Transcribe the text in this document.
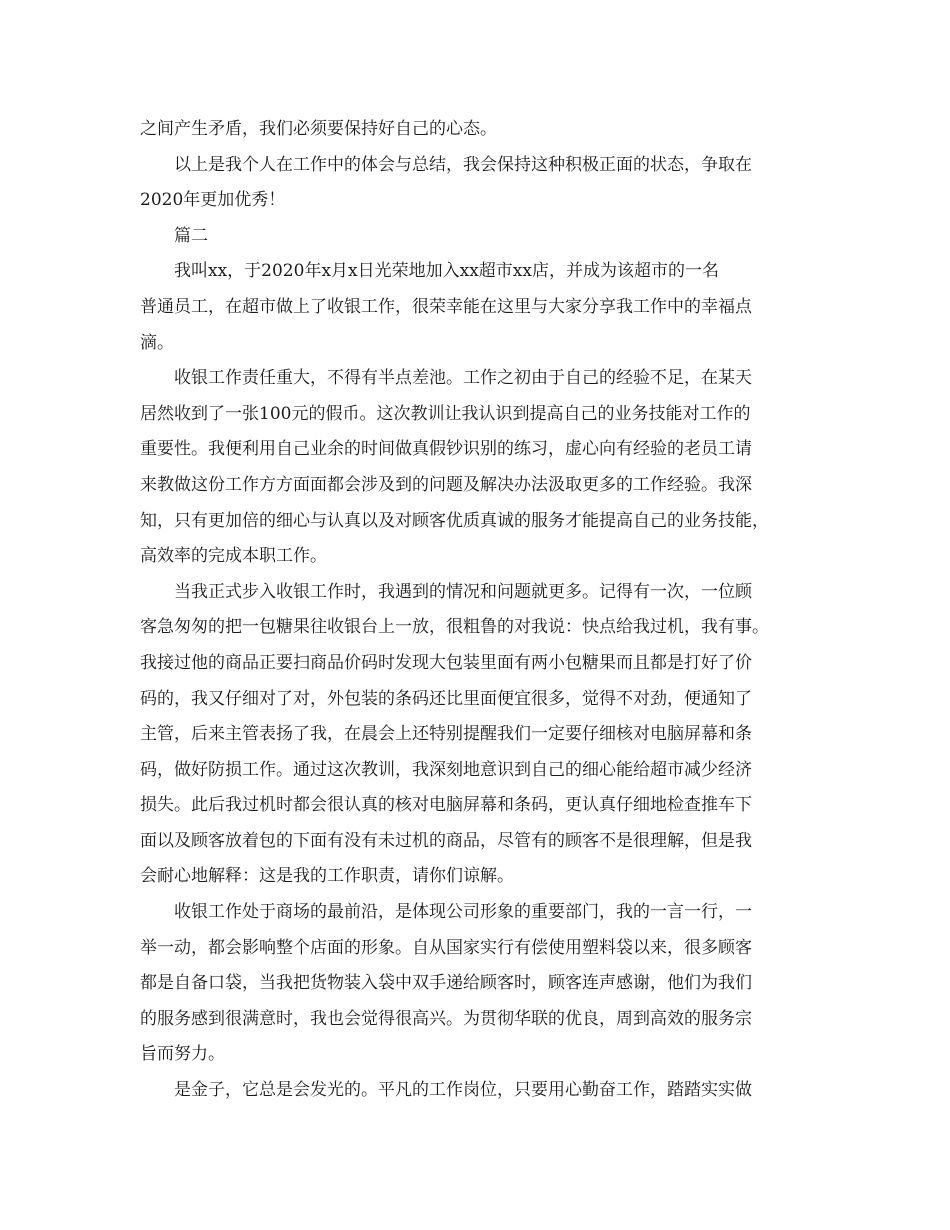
之间产生矛盾，我们必须要保持好自己的心态。
以上是我个人在工作中的体会与总结，我会保持这种积极正面的状态，争取在
2020年更加优秀！
篇二
我叫xx，于2020年x月x日光荣地加入xx超市xx店，并成为该超市的一名
普通员工，在超市做上了收银工作，很荣幸能在这里与大家分享我工作中的幸福点
滴。
收银工作责任重大，不得有半点差池。工作之初由于自己的经验不足，在某天
居然收到了一张100元的假币。这次教训让我认识到提高自己的业务技能对工作的
重要性。我便利用自己业余的时间做真假钞识别的练习，虚心向有经验的老员工请
来教做这份工作方方面面都会涉及到的问题及解决办法汲取更多的工作经验。我深
知，只有更加倍的细心与认真以及对顾客优质真诚的服务才能提高自己的业务技能，
高效率的完成本职工作。
当我正式步入收银工作时，我遇到的情况和问题就更多。记得有一次，一位顾
客急匆匆的把一包糖果往收银台上一放，很粗鲁的对我说：快点给我过机，我有事。
我接过他的商品正要扫商品价码时发现大包装里面有两小包糖果而且都是打好了价
码的，我又仔细对了对，外包装的条码还比里面便宜很多，觉得不对劲，便通知了
主管，后来主管表扬了我，在晨会上还特别提醒我们一定要仔细核对电脑屏幕和条
码，做好防损工作。通过这次教训，我深刻地意识到自己的细心能给超市减少经济
损失。此后我过机时都会很认真的核对电脑屏幕和条码，更认真仔细地检查推车下
面以及顾客放着包的下面有没有未过机的商品，尽管有的顾客不是很理解，但是我
会耐心地解释：这是我的工作职责，请你们谅解。
收银工作处于商场的最前沿，是体现公司形象的重要部门，我的一言一行，一
举一动，都会影响整个店面的形象。自从国家实行有偿使用塑料袋以来，很多顾客
都是自备口袋，当我把货物装入袋中双手递给顾客时，顾客连声感谢，他们为我们
的服务感到很满意时，我也会觉得很高兴。为贯彻华联的优良，周到高效的服务宗
旨而努力。
是金子，它总是会发光的。平凡的工作岗位，只要用心勤奋工作，踏踏实实做
